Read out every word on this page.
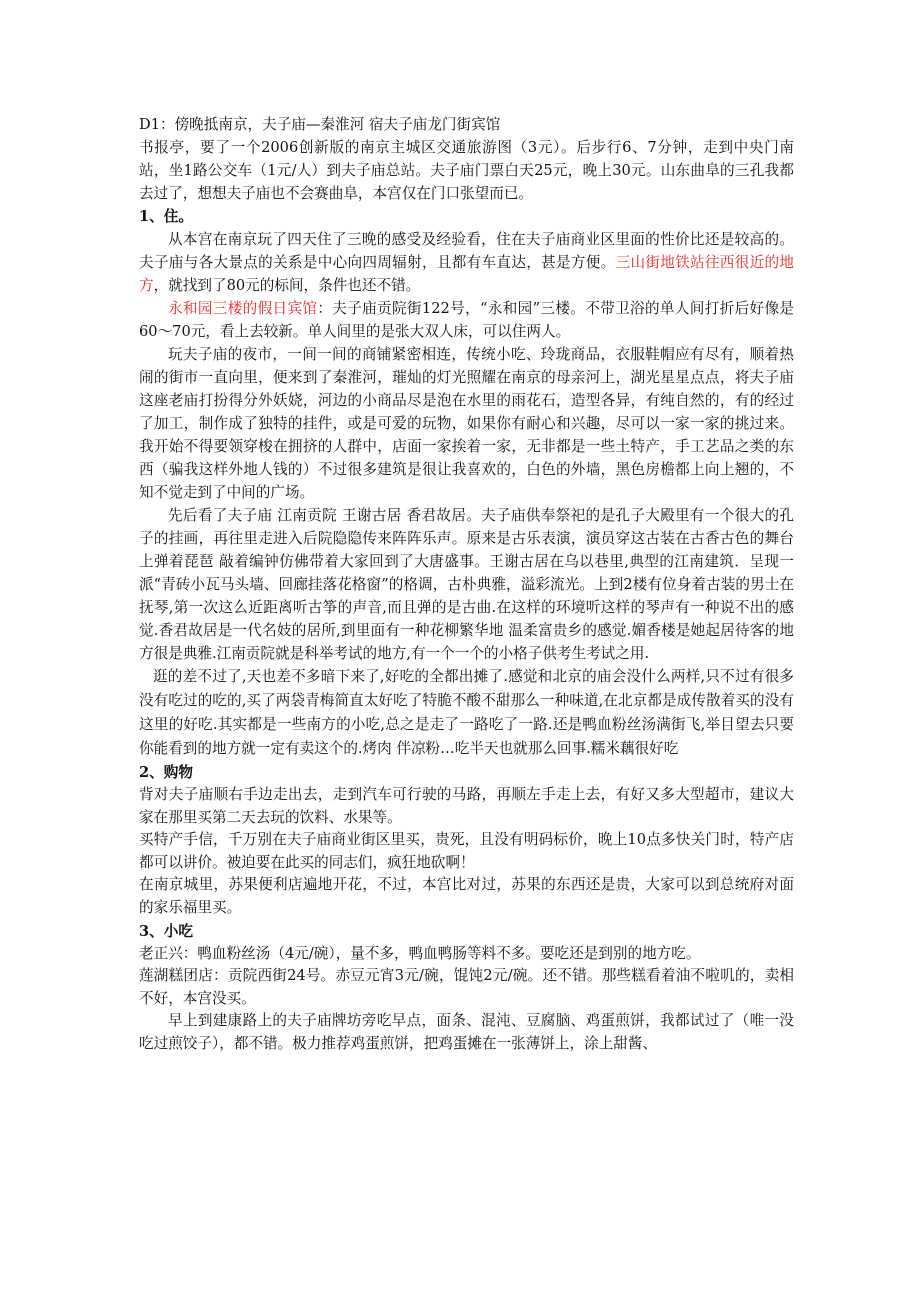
D1：傍晚抵南京，夫子庙—秦淮河 宿夫子庙龙门街宾馆

书报亭，要了一个2006创新版的南京主城区交通旅游图（3元）。后步行6、7分钟，走到中央门南站，坐1路公交车（1元/人）到夫子庙总站。夫子庙门票白天25元，晚上30元。山东曲阜的三孔我都去过了，想想夫子庙也不会赛曲阜，本宫仅在门口张望而已。

1、住。

从本宫在南京玩了四天住了三晚的感受及经验看，住在夫子庙商业区里面的性价比还是较高的。夫子庙与各大景点的关系是中心向四周辐射，且都有车直达，甚是方便。三山街地铁站往西很近的地方，就找到了80元的标间，条件也还不错。

永和园三楼的假日宾馆：夫子庙贡院街122号，“永和园”三楼。不带卫浴的单人间打折后好像是60～70元，看上去较新。单人间里的是张大双人床，可以住两人。

玩夫子庙的夜市，一间一间的商铺紧密相连，传统小吃、玲珑商品，衣服鞋帽应有尽有，顺着热闹的街市一直向里，便来到了秦淮河，璀灿的灯光照耀在南京的母亲河上，湖光星星点点，将夫子庙这座老庙打扮得分外妖娆，河边的小商品尽是泡在水里的雨花石，造型各异，有纯自然的，有的经过了加工，制作成了独特的挂件，或是可爱的玩物，如果你有耐心和兴趣，尽可以一家一家的挑过来。我开始不得要领穿梭在拥挤的人群中，店面一家挨着一家，无非都是一些土特产，手工艺品之类的东西（骗我这样外地人钱的）不过很多建筑是很让我喜欢的，白色的外墙，黑色房檐都上向上翘的，不知不觉走到了中间的广场。

先后看了夫子庙 江南贡院 王谢古居 香君故居。夫子庙供奉祭祀的是孔子大殿里有一个很大的孔子的挂画，再往里走进入后院隐隐传来阵阵乐声。原来是古乐表演，演员穿这古装在古香古色的舞台上弹着琵琶 敲着编钟仿佛带着大家回到了大唐盛事。王谢古居在乌以巷里,典型的江南建筑．呈现一派“青砖小瓦马头墙、回廊挂落花格窗”的格调，古朴典雅，溢彩流光。上到2楼有位身着古装的男士在抚琴,第一次这么近距离听古筝的声音,而且弹的是古曲.在这样的环境听这样的琴声有一种说不出的感觉.香君故居是一代名妓的居所,到里面有一种花柳繁华地 温柔富贵乡的感觉.媚香楼是她起居待客的地方很是典雅.江南贡院就是科举考试的地方,有一个一个的小格子供考生考试之用.

逛的差不过了,天也差不多暗下来了,好吃的全都出摊了.感觉和北京的庙会没什么两样,只不过有很多没有吃过的吃的,买了两袋青梅简直太好吃了特脆不酸不甜那么一种味道,在北京都是成传散着买的没有这里的好吃.其实都是一些南方的小吃,总之是走了一路吃了一路.还是鸭血粉丝汤满街飞,举目望去只要你能看到的地方就一定有卖这个的.烤肉 伴凉粉…吃半天也就那么回事.糯米藕很好吃

2、购物

背对夫子庙顺右手边走出去，走到汽车可行驶的马路，再顺左手走上去，有好又多大型超市，建议大家在那里买第二天去玩的饮料、水果等。

买特产手信，千万别在夫子庙商业街区里买，贵死，且没有明码标价，晚上10点多快关门时，特产店都可以讲价。被迫要在此买的同志们，疯狂地砍啊！

在南京城里，苏果便利店遍地开花，不过，本宫比对过，苏果的东西还是贵，大家可以到总统府对面的家乐福里买。

3、小吃

老正兴：鸭血粉丝汤（4元/碗），量不多，鸭血鸭肠等料不多。要吃还是到别的地方吃。

莲湖糕团店：贡院西街24号。赤豆元宵3元/碗，馄饨2元/碗。还不错。那些糕看着油不啦叽的，卖相不好，本宫没买。

早上到建康路上的夫子庙牌坊旁吃早点，面条、混沌、豆腐脑、鸡蛋煎饼，我都试过了（唯一没吃过煎饺子），都不错。极力推荐鸡蛋煎饼，把鸡蛋摊在一张薄饼上，涂上甜酱、
